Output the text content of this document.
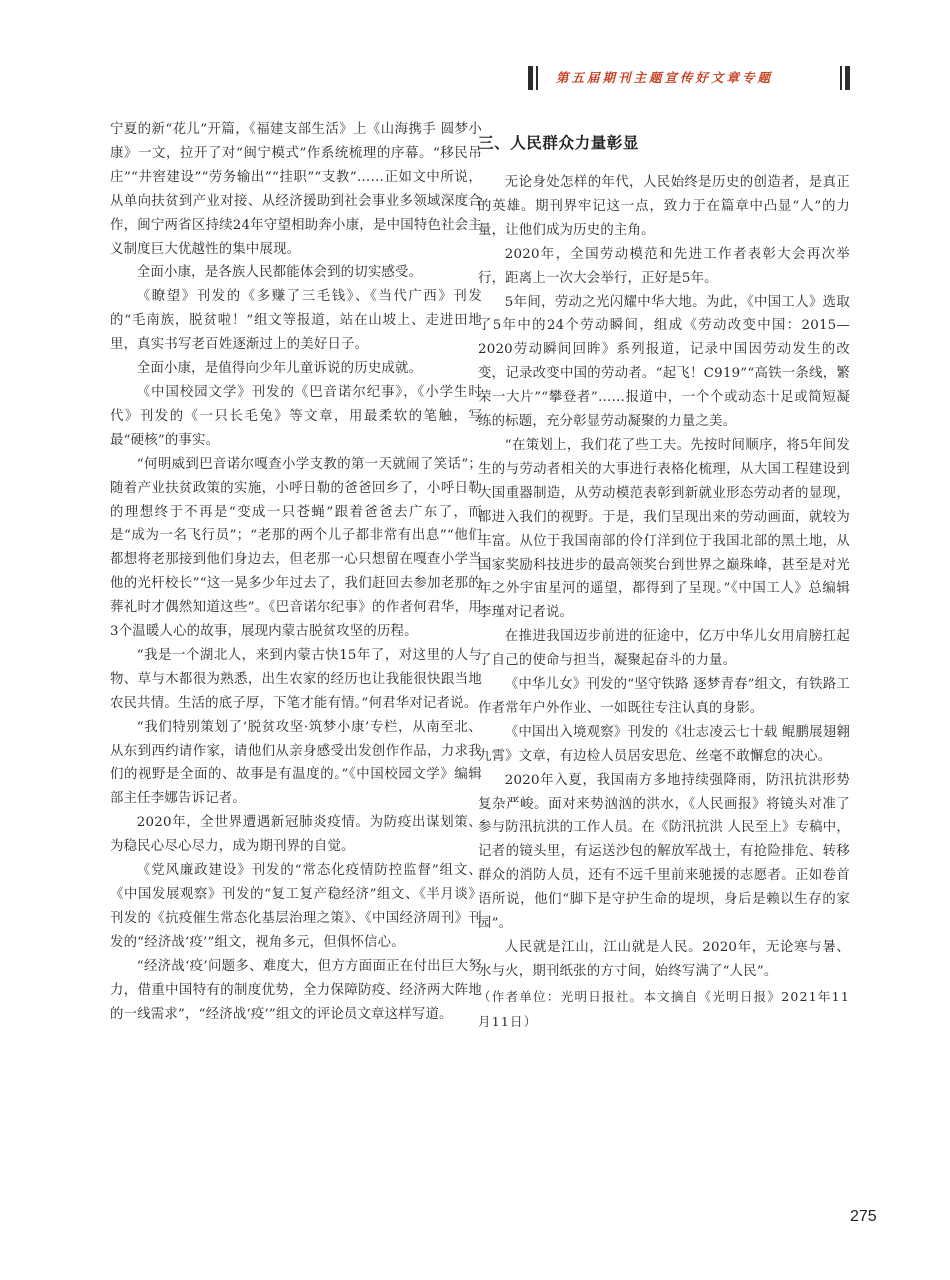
第五届期刊主题宣传好文章专题

宁夏的新“花儿”开篇，《福建支部生活》上《山海携手 圆梦小康》一文，拉开了对“闽宁模式”作系统梳理的序幕。“移民吊庄”“井窖建设”“劳务输出”“挂职”“支教”……正如文中所说，从单向扶贫到产业对接、从经济援助到社会事业多领域深度合作，闽宁两省区持续24年守望相助奔小康，是中国特色社会主义制度巨大优越性的集中展现。

全面小康，是各族人民都能体会到的切实感受。

《瞭望》刊发的《多赚了三毛钱》、《当代广西》刊发的“毛南族，脱贫啦！”组文等报道，站在山坡上、走进田地里，真实书写老百姓逐渐过上的美好日子。

全面小康，是值得向少年儿童诉说的历史成就。

《中国校园文学》刊发的《巴音诺尔纪事》，《小学生时代》刊发的《一只长毛兔》等文章，用最柔软的笔触，写最“硬核”的事实。

“何明威到巴音诺尔嘎查小学支教的第一天就闹了笑话”；随着产业扶贫政策的实施，小呼日勒的爸爸回乡了，小呼日勒的理想终于不再是“变成一只苍蝇”跟着爸爸去广东了，而是“成为一名飞行员”；“老那的两个儿子都非常有出息”“他们都想将老那接到他们身边去，但老那一心只想留在嘎查小学当他的光杆校长”“这一晃多少年过去了，我们赶回去参加老那的葬礼时才偶然知道这些”。《巴音诺尔纪事》的作者何君华，用3个温暖人心的故事，展现内蒙古脱贫攻坚的历程。

“我是一个湖北人，来到内蒙古快15年了，对这里的人与物、草与木都很为熟悉，出生农家的经历也让我能很快跟当地农民共情。生活的底子厚，下笔才能有情。”何君华对记者说。

“我们特别策划了‘脱贫攻坚·筑梦小康’专栏，从南至北、从东到西约请作家，请他们从亲身感受出发创作作品，力求我们的视野是全面的、故事是有温度的。”《中国校园文学》编辑部主任李娜告诉记者。

2020年，全世界遭遇新冠肺炎疫情。为防疫出谋划策、为稳民心尽心尽力，成为期刊界的自觉。

《党风廉政建设》刊发的“常态化疫情防控监督”组文、《中国发展观察》刊发的“复工复产稳经济”组文、《半月谈》刊发的《抗疫催生常态化基层治理之策》、《中国经济周刊》刊发的“经济战‘疫’”组文，视角多元，但俱怀信心。

“经济战‘疫’问题多、难度大，但方方面面正在付出巨大努力，借重中国特有的制度优势，全力保障防疫、经济两大阵地的一线需求”，“经济战‘疫’”组文的评论员文章这样写道。

三、人民群众力量彰显

无论身处怎样的年代，人民始终是历史的创造者，是真正的英雄。期刊界牢记这一点，致力于在篇章中凸显“人”的力量，让他们成为历史的主角。

2020年，全国劳动模范和先进工作者表彰大会再次举行，距离上一次大会举行，正好是5年。

5年间，劳动之光闪耀中华大地。为此，《中国工人》选取了5年中的24个劳动瞬间，组成《劳动改变中国：2015—2020劳动瞬间回眸》系列报道，记录中国因劳动发生的改变，记录改变中国的劳动者。“起飞！C919”“高铁一条线，繁荣一大片”“攀登者”……报道中，一个个或动态十足或简短凝练的标题，充分彰显劳动凝聚的力量之美。

“在策划上，我们花了些工夫。先按时间顺序，将5年间发生的与劳动者相关的大事进行表格化梳理，从大国工程建设到大国重器制造，从劳动模范表彰到新就业形态劳动者的显现，都进入我们的视野。于是，我们呈现出来的劳动画面，就较为丰富。从位于我国南部的伶仃洋到位于我国北部的黑土地，从国家奖励科技进步的最高领奖台到世界之巅珠峰，甚至是对光年之外宇宙星河的遥望，都得到了呈现。”《中国工人》总编辑李瑾对记者说。

在推进我国迈步前进的征途中，亿万中华儿女用肩膀扛起了自己的使命与担当，凝聚起奋斗的力量。

《中华儿女》刊发的“坚守铁路 逐梦青春”组文，有铁路工作者常年户外作业、一如既往专注认真的身影。

《中国出入境观察》刊发的《壮志凌云七十载 鲲鹏展翅翱九霄》文章，有边检人员居安思危、丝毫不敢懈怠的决心。

2020年入夏，我国南方多地持续强降雨，防汛抗洪形势复杂严峻。面对来势汹汹的洪水，《人民画报》将镜头对准了参与防汛抗洪的工作人员。在《防汛抗洪 人民至上》专稿中，记者的镜头里，有运送沙包的解放军战士，有抢险排危、转移群众的消防人员，还有不远千里前来驰援的志愿者。正如卷首语所说，他们“脚下是守护生命的堤坝，身后是赖以生存的家园”。

人民就是江山，江山就是人民。2020年，无论寒与暑、水与火，期刊纸张的方寸间，始终写满了“人民”。

（作者单位：光明日报社。本文摘自《光明日报》2021年11月11日）

275
